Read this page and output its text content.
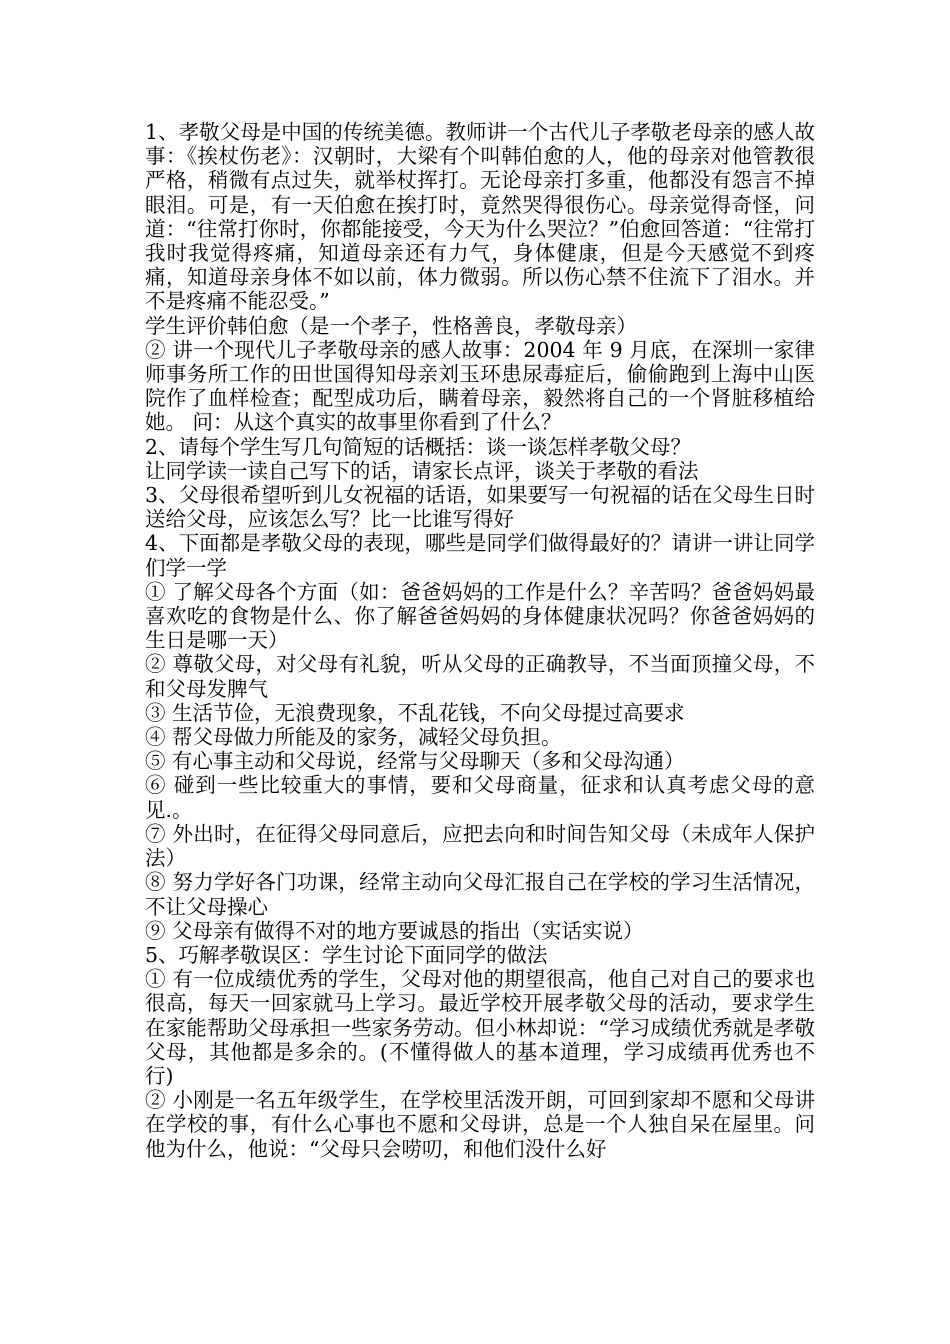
1、孝敬父母是中国的传统美德。教师讲一个古代儿子孝敬老母亲的感人故事：《挨杖伤老》：汉朝时，大梁有个叫韩伯愈的人，他的母亲对他管教很严格，稍微有点过失，就举杖挥打。无论母亲打多重，他都没有怨言不掉眼泪。可是，有一天伯愈在挨打时，竟然哭得很伤心。母亲觉得奇怪，问道：“往常打你时，你都能接受，今天为什么哭泣？”伯愈回答道：“往常打我时我觉得疼痛，知道母亲还有力气，身体健康，但是今天感觉不到疼痛，知道母亲身体不如以前，体力微弱。所以伤心禁不住流下了泪水。并不是疼痛不能忍受。”

学生评价韩伯愈（是一个孝子，性格善良，孝敬母亲）

② 讲一个现代儿子孝敬母亲的感人故事：2004 年 9 月底，在深圳一家律师事务所工作的田世国得知母亲刘玉环患尿毒症后，偷偷跑到上海中山医院作了血样检查；配型成功后，瞒着母亲，毅然将自己的一个肾脏移植给她。 问：从这个真实的故事里你看到了什么？

2、请每个学生写几句简短的话概括：谈一谈怎样孝敬父母？

让同学读一读自己写下的话，请家长点评，谈关于孝敬的看法

3、父母很希望听到儿女祝福的话语，如果要写一句祝福的话在父母生日时送给父母，应该怎么写？比一比谁写得好

4、下面都是孝敬父母的表现，哪些是同学们做得最好的？请讲一讲让同学们学一学

① 了解父母各个方面（如：爸爸妈妈的工作是什么？辛苦吗？爸爸妈妈最喜欢吃的食物是什么、你了解爸爸妈妈的身体健康状况吗？你爸爸妈妈的生日是哪一天）

② 尊敬父母，对父母有礼貌，听从父母的正确教导，不当面顶撞父母，不和父母发脾气

③ 生活节俭，无浪费现象，不乱花钱，不向父母提过高要求

④ 帮父母做力所能及的家务，减轻父母负担。

⑤ 有心事主动和父母说，经常与父母聊天（多和父母沟通）

⑥ 碰到一些比较重大的事情，要和父母商量，征求和认真考虑父母的意见.。

⑦ 外出时，在征得父母同意后，应把去向和时间告知父母（未成年人保护法）

⑧ 努力学好各门功课，经常主动向父母汇报自己在学校的学习生活情况，不让父母操心

⑨ 父母亲有做得不对的地方要诚恳的指出（实话实说）

5、巧解孝敬误区：学生讨论下面同学的做法

① 有一位成绩优秀的学生，父母对他的期望很高，他自己对自己的要求也很高，每天一回家就马上学习。最近学校开展孝敬父母的活动，要求学生在家能帮助父母承担一些家务劳动。但小林却说：“学习成绩优秀就是孝敬父母，其他都是多余的。(不懂得做人的基本道理，学习成绩再优秀也不行)

② 小刚是一名五年级学生，在学校里活泼开朗，可回到家却不愿和父母讲在学校的事，有什么心事也不愿和父母讲，总是一个人独自呆在屋里。问他为什么，他说：“父母只会唠叨，和他们没什么好
